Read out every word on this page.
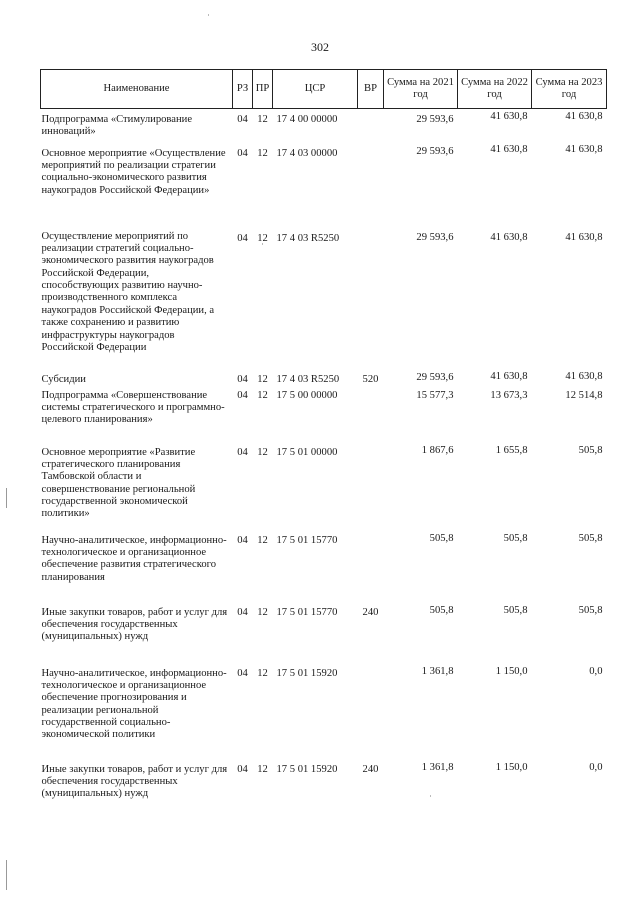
302
Наименование	РЗ	ПР	ЦСР	ВР	Сумма на 2021 год	Сумма на 2022 год	Сумма на 2023 год
Подпрограмма «Стимулирование инноваций»	04	12	17 4 00 00000		29 593,6	41 630,8	41 630,8
Основное мероприятие «Осуществление мероприятий по реализации стратегии социально-экономического развития наукоградов Российской Федерации»	04	12	17 4 03 00000		29 593,6	41 630,8	41 630,8
Осуществление мероприятий по реализации стратегий социально-экономического развития наукоградов Российской Федерации, способствующих развитию научно-производственного комплекса наукоградов Российской Федерации, а также сохранению и развитию инфраструктуры наукоградов Российской Федерации	04	12	17 4 03 R5250		29 593,6	41 630,8	41 630,8
Субсидии	04	12	17 4 03 R5250	520	29 593,6	41 630,8	41 630,8
Подпрограмма «Совершенствование системы стратегического и программно-целевого планирования»	04	12	17 5 00 00000		15 577,3	13 673,3	12 514,8
Основное мероприятие «Развитие стратегического планирования Тамбовской области и совершенствование региональной государственной экономической политики»	04	12	17 5 01 00000		1 867,6	1 655,8	505,8
Научно-аналитическое, информационно-технологическое и организационное обеспечение развития стратегического планирования	04	12	17 5 01 15770		505,8	505,8	505,8
Иные закупки товаров, работ и услуг для обеспечения государственных (муниципальных) нужд	04	12	17 5 01 15770	240	505,8	505,8	505,8
Научно-аналитическое, информационно-технологическое и организационное обеспечение прогнозирования и реализации региональной государственной социально-экономической политики	04	12	17 5 01 15920		1 361,8	1 150,0	0,0
Иные закупки товаров, работ и услуг для обеспечения государственных (муниципальных) нужд	04	12	17 5 01 15920	240	1 361,8	1 150,0	0,0
